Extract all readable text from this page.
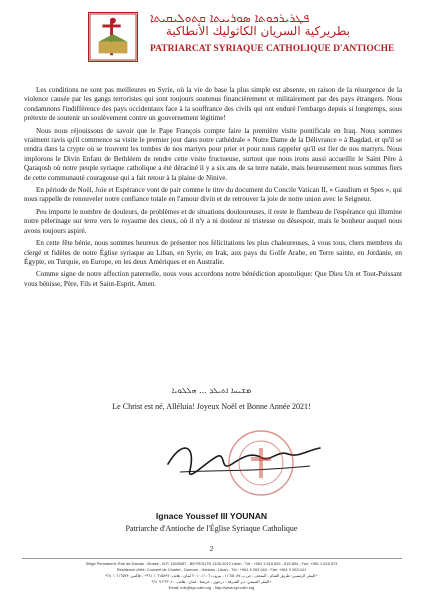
ܦܛܪܝܪܟܘܬܐ ܣܘܪܝܝܬܐ ܩܬܘܠܝܩܝܬܐ
بطريركية السريان الكاثوليك الأنطاكية
PATRIARCAT SYRIAQUE CATHOLIQUE D'ANTIOCHE

Les conditions ne sont pas meilleures en Syrie, où la vie de base la plus simple est absente, en raison de la résurgence de la violence causée par les gangs terroristes qui sont toujours soutenus financièrement et militairement par des pays étrangers. Nous condamnons l'indifférence des pays occidentaux face à la souffrance des civils qui ont enduré l'embargo depuis si longtemps, sous prétexte de soutenir un soulèvement contre un gouvernement légitime!

Nous nous réjouissons de savoir que le Pape François compte faire la première visite pontificale en Iraq. Nous sommes vraiment ravis qu'il commence sa visite le premier jour dans notre cathédrale « Notre Dame de la Délivrance » à Bagdad, et qu'il se rendra dans la crypte où se trouvent les tombes de nos martyrs pour prier et pour nous rappeler qu'il est fier de nos martyrs. Nous implorons le Divin Enfant de Bethléem de rendre cette visite fructueuse, surtout que nous irons aussi accueillir le Saint Père à Qaraqosh où notre peuple syriaque catholique a été déraciné il y a six ans de sa terre natale, mais heureusement nous sommes fiers de cette communauté courageuse qui a fait retour à la plaine de Ninive.

En période de Noël, Joie et Espérance vont de pair comme le titre du document du Concile Vatican II, « Gaudium et Spes », qui nous rappelle de renouveler notre confiance totale en l'amour divin et de retrouver la joie de notre union avec le Seigneur.

Peu importe le nombre de douleurs, de problèmes et de situations douloureuses, il reste le flambeau de l'espérance qui illumine notre pèlerinage sur terre vers le royaume des cieux, où il n'y a ni douleur ni tristesse ou désespoir, mais le bonheur auquel nous avons toujours aspiré.

En cette fête bénie, nous sommes heureux de présenter nos félicitations les plus chaleureuses, à vous tous, chers membres du clergé et fidèles de notre Église syriaque au Liban, en Syrie, en Irak, aux pays du Golfe Arabe, en Terre sainte, en Jordanie, en Égypte, en Turquie, en Europe, en les deux Amériques et en Australie.

Comme signe de notre affection paternelle, nous vous accordons notre bénédiction apostolique: Que Dieu Un et Tout-Puissant vous bénisse, Père, Fils et Saint-Esprit, Amen.

ܡܫܝܚܐ ܐܬܝܠܕ ... ܗܠܠܘܝܐ
Le Christ est né, Alléluia! Joyeux Noël et Bonne Année 2021!
Ignace Youssef III YOUNAN
Patriarche d'Antioche de l'Église Syriaque Catholique
2
Siège Permanent: Rue de Damas - Musée - B.P. 116/5087 - BEYROUTH 1106-2010 Liban - Tél.: +961 1 615 892 - 615 894 - Fax: +961 1 616 573
Résidence d'été: Couvent de Charfet - Darroun - Harissa - Liban - Tél.: +961 9 263 040 - Fax: +961 9 263 041
المقر الرئيسي: طريق الشام - المتحف - ص.ب ١١٦/٥٠٨٧ - بيروت ١١٠٦-٢٠١٠ لبنان - هاتف: ٦١٥٨٩٢ ١ ٩٦١+ - فاكس: ٦١٦٥٧٣ ١ ٩٦١+
المقر الصيفي: دير الشرفة - درعون - حريصا - لبنان - هاتف: ٢٦٣٠٤٠ ٩ ٩٦١+
Email: info@syr-cath.org - http://www.syr-cath.org
